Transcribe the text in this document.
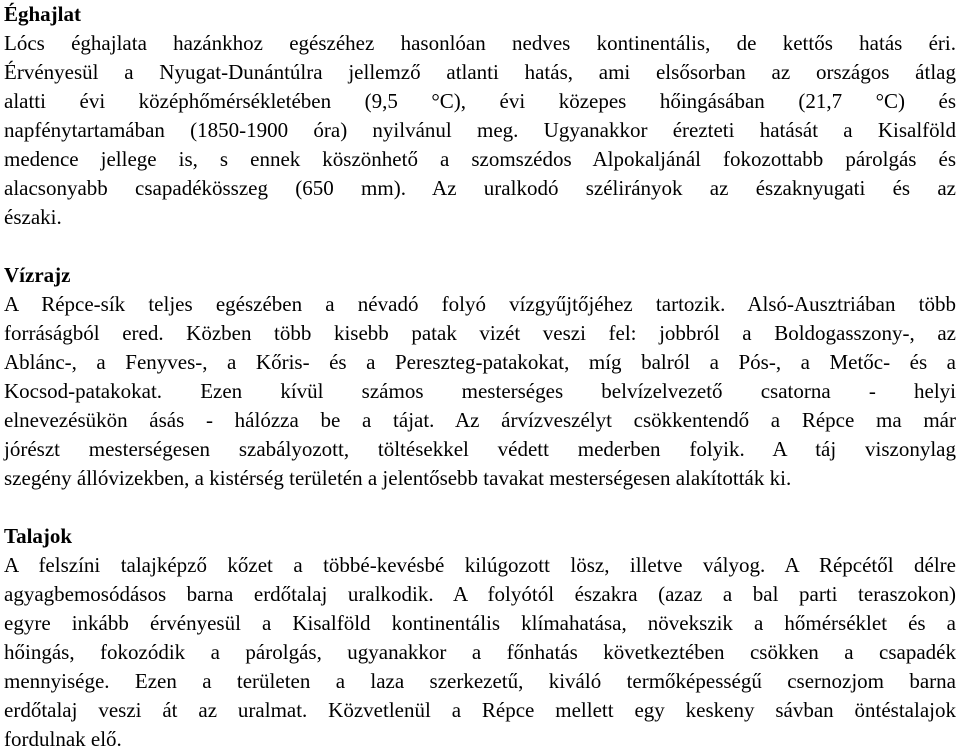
Éghajlat
Lócs éghajlata hazánkhoz egészéhez hasonlóan nedves kontinentális, de kettős hatás éri.
Érvényesül a Nyugat-Dunántúlra jellemző atlanti hatás, ami elsősorban az országos átlag
alatti évi középhőmérsékletében (9,5 °C), évi közepes hőingásában (21,7 °C) és
napfénytartamában (1850-1900 óra) nyilvánul meg. Ugyanakkor érezteti hatását a Kisalföld
medence jellege is, s ennek köszönhető a szomszédos Alpokaljánál fokozottabb párolgás és
alacsonyabb csapadékösszeg (650 mm). Az uralkodó szélirányok az északnyugati és az
északi.
Vízrajz
A Répce-sík teljes egészében a névadó folyó vízgyűjtőjéhez tartozik. Alsó-Ausztriában több
forráságból ered. Közben több kisebb patak vizét veszi fel: jobbról a Boldogasszony-, az
Ablánc-, a Fenyves-, a Kőris- és a Pereszteg-patakokat, míg balról a Pós-, a Metőc- és a
Kocsod-patakokat. Ezen kívül számos mesterséges belvízelvezető csatorna - helyi
elnevezésükön ásás - hálózza be a tájat. Az árvízveszélyt csökkentendő a Répce ma már
jórészt mesterségesen szabályozott, töltésekkel védett mederben folyik. A táj viszonylag
szegény állóvizekben, a kistérség területén a jelentősebb tavakat mesterségesen alakították ki.
Talajok
A felszíni talajképző kőzet a többé-kevésbé kilúgozott lösz, illetve vályog. A Répcétől délre
agyagbemosódásos barna erdőtalaj uralkodik. A folyótól északra (azaz a bal parti teraszokon)
egyre inkább érvényesül a Kisalföld kontinentális klímahatása, növekszik a hőmérséklet és a
hőingás, fokozódik a párolgás, ugyanakkor a főnhatás következtében csökken a csapadék
mennyisége. Ezen a területen a laza szerkezetű, kiváló termőképességű csernozjom barna
erdőtalaj veszi át az uralmat. Közvetlenül a Répce mellett egy keskeny sávban öntéstalajok
fordulnak elő.
